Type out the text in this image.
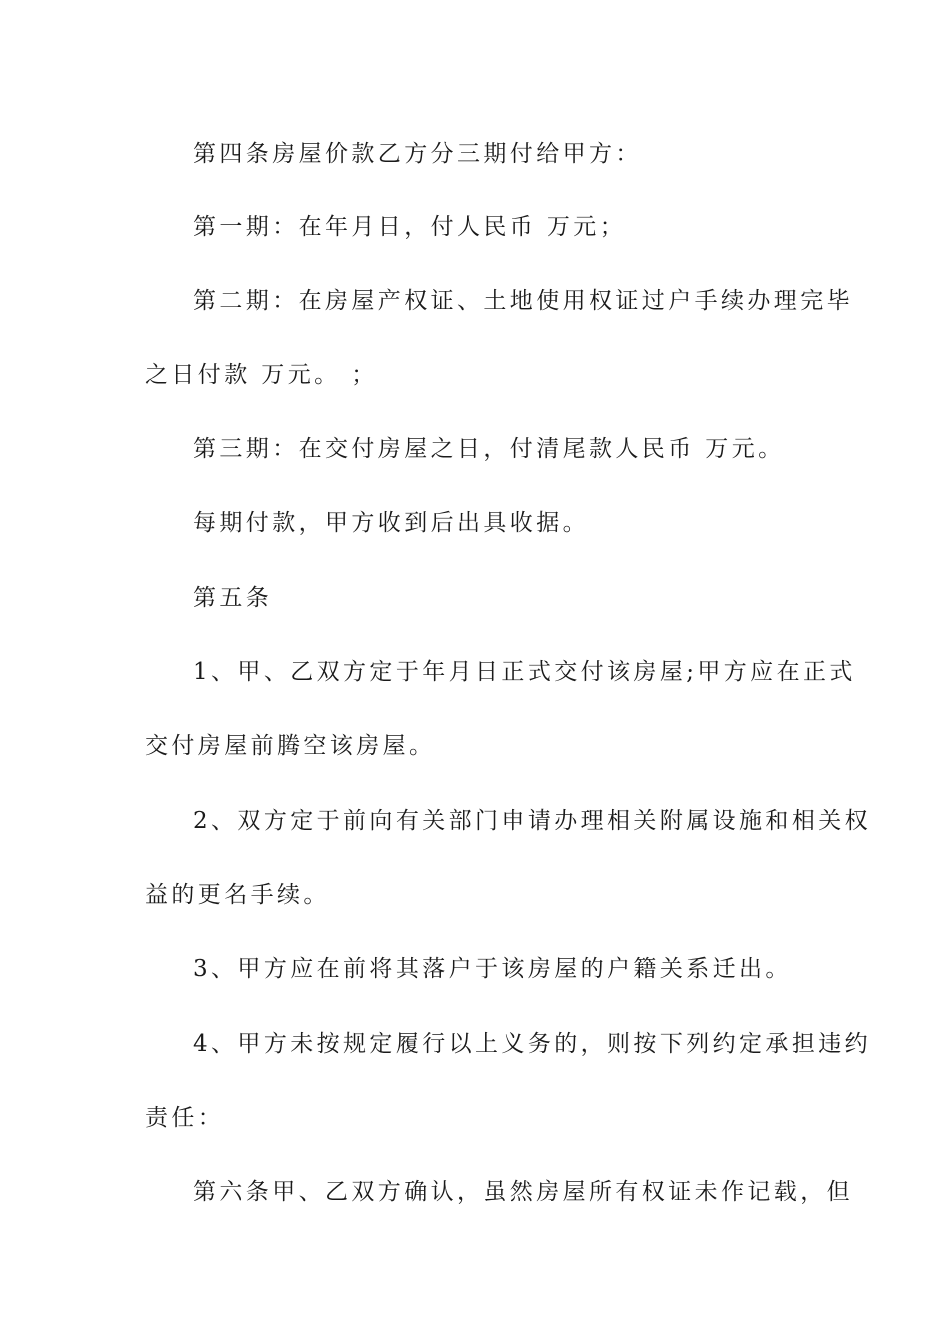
第四条房屋价款乙方分三期付给甲方：
第一期：在年月日，付人民币 万元；
第二期：在房屋产权证、土地使用权证过户手续办理完毕
之日付款 万元。 ；
第三期：在交付房屋之日，付清尾款人民币 万元。
每期付款，甲方收到后出具收据。
第五条
1、甲、乙双方定于年月日正式交付该房屋;甲方应在正式
交付房屋前腾空该房屋。
2、双方定于前向有关部门申请办理相关附属设施和相关权
益的更名手续。
3、甲方应在前将其落户于该房屋的户籍关系迁出。
4、甲方未按规定履行以上义务的，则按下列约定承担违约
责任：
第六条甲、乙双方确认，虽然房屋所有权证未作记载，但
